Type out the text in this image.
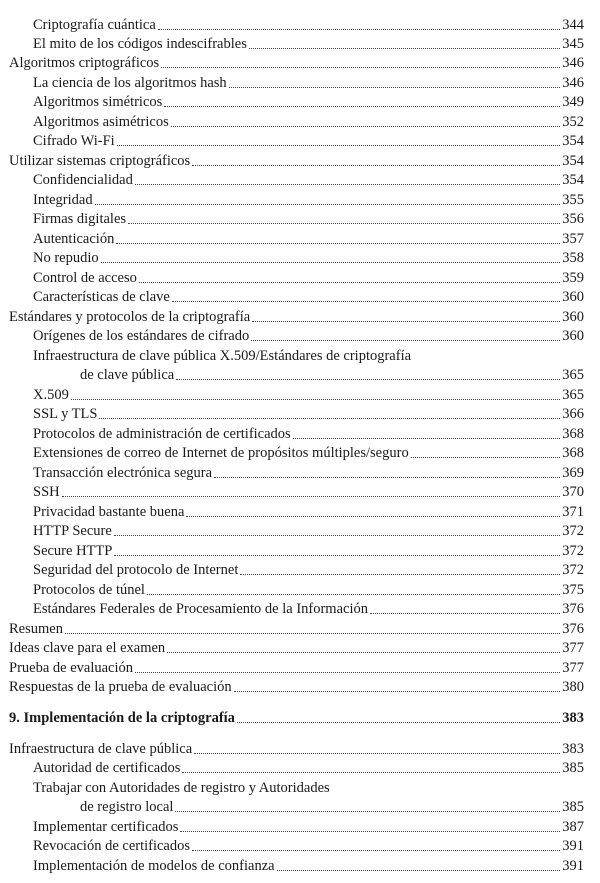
Criptografía cuántica	344
El mito de los códigos indescifrables	345
Algoritmos criptográficos	346
La ciencia de los algoritmos hash	346
Algoritmos simétricos	349
Algoritmos asimétricos	352
Cifrado Wi-Fi	354
Utilizar sistemas criptográficos	354
Confidencialidad	354
Integridad	355
Firmas digitales	356
Autenticación	357
No repudio	358
Control de acceso	359
Características de clave	360
Estándares y protocolos de la criptografía	360
Orígenes de los estándares de cifrado	360
Infraestructura de clave pública X.509/Estándares de criptografía
de clave pública	365
X.509	365
SSL y TLS	366
Protocolos de administración de certificados	368
Extensiones de correo de Internet de propósitos múltiples/seguro	368
Transacción electrónica segura	369
SSH	370
Privacidad bastante buena	371
HTTP Secure	372
Secure HTTP	372
Seguridad del protocolo de Internet	372
Protocolos de túnel	375
Estándares Federales de Procesamiento de la Información	376
Resumen	376
Ideas clave para el examen	377
Prueba de evaluación	377
Respuestas de la prueba de evaluación	380
9. Implementación de la criptografía	383
Infraestructura de clave pública	383
Autoridad de certificados	385
Trabajar con Autoridades de registro y Autoridades
de registro local	385
Implementar certificados	387
Revocación de certificados	391
Implementación de modelos de confianza	391
